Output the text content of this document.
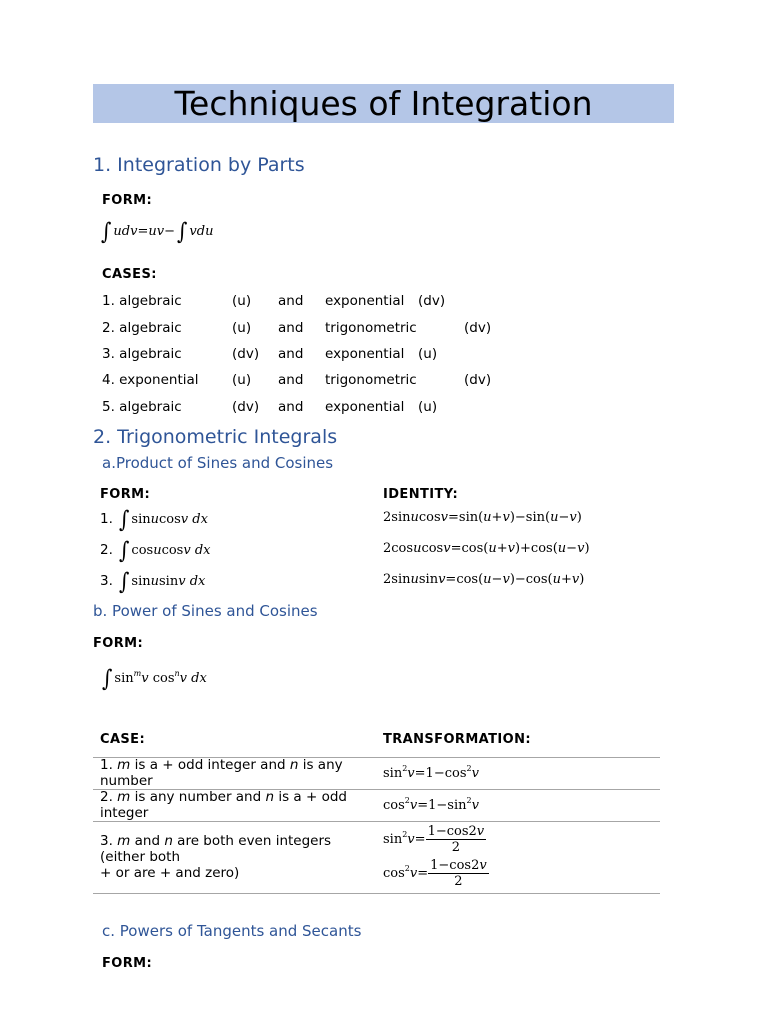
Techniques of Integration
1. Integration by Parts
FORM:
∫ udv=uv− ∫ vdu
CASES:
1. algebraic	(u) and exponential (dv)
2. algebraic	(u) and trigonometric	(dv)
3. algebraic	(dv) and exponential (u)
4. exponential (u) and trigonometric	(dv)
5. algebraic	(dv) and exponential (u)
2. Trigonometric Integrals
a.Product of Sines and Cosines
FORM:	IDENTITY:
1. ∫ sinucosv dx	2sinucosv=sin(u+v)−sin(u−v)
2. ∫ cosucosv dx	2cosucosv=cos(u+v)+cos(u−v)
3. ∫ sinusinv dx	2sinusinv=cos(u−v)−cos(u+v)
b. Power of Sines and Cosines
FORM:
∫ $\sin^mv$ $\cos^nv$ dx
CASE:	TRANSFORMATION:
1. m is a + odd integer and n is any number	$\sin^2v=1-\cos^2v$
2. m is any number and n is a + odd integer	$\cos^2v=1-\sin^2v$
3. m and n are both even integers (either both
+ or are + and zero)
$\sin^2v= \frac{1-\cos 2v}{2}$
$\cos^2v= \frac{1-\cos 2v}{2}$
c. Powers of Tangents and Secants
FORM:
